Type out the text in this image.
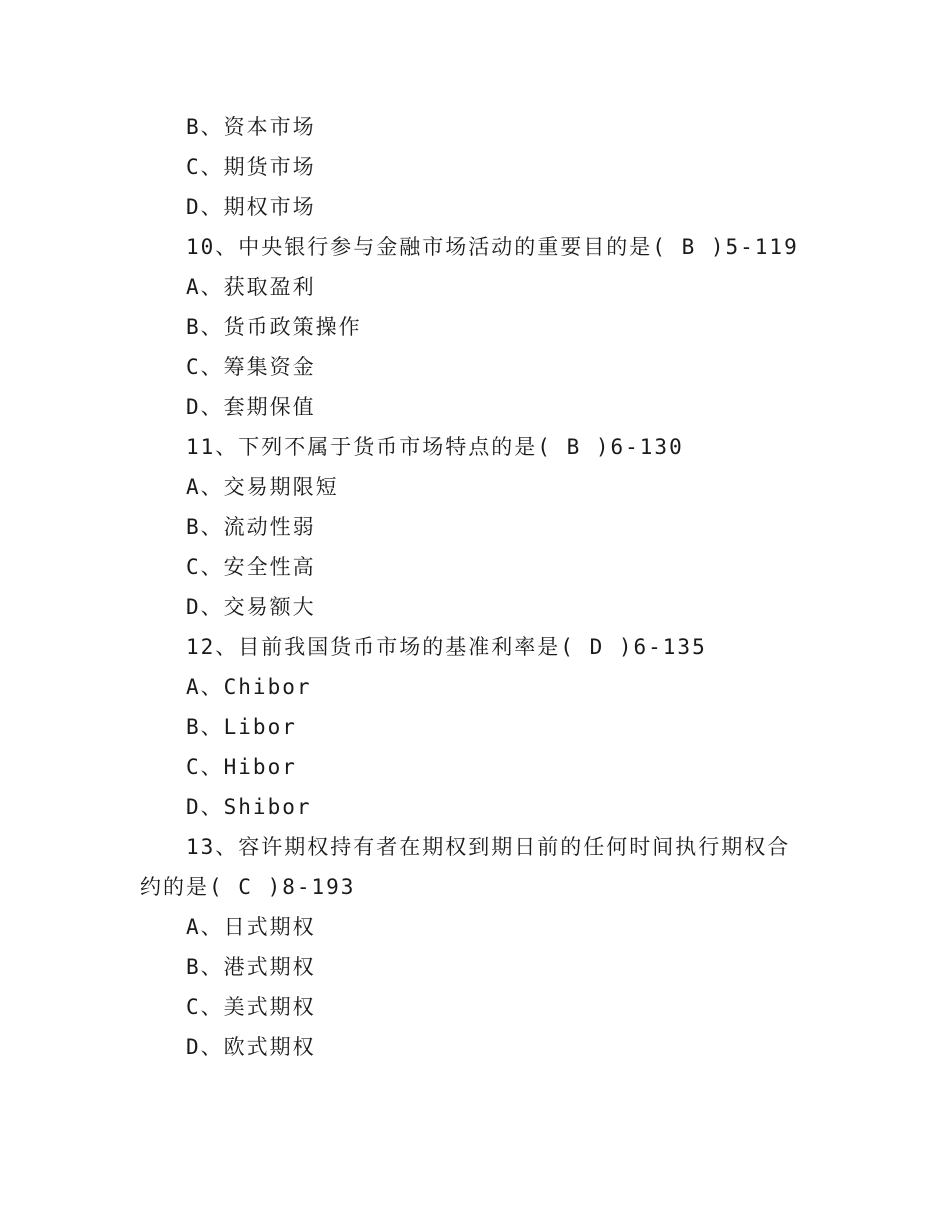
B、资本市场
C、期货市场
D、期权市场
10、中央银行参与金融市场活动的重要目的是( B )5-119
A、获取盈利
B、货币政策操作
C、筹集资金
D、套期保值
11、下列不属于货币市场特点的是( B )6-130
A、交易期限短
B、流动性弱
C、安全性高
D、交易额大
12、目前我国货币市场的基准利率是( D )6-135
A、Chibor
B、Libor
C、Hibor
D、Shibor
13、容许期权持有者在期权到期日前的任何时间执行期权合
约的是( C )8-193
A、日式期权
B、港式期权
C、美式期权
D、欧式期权
